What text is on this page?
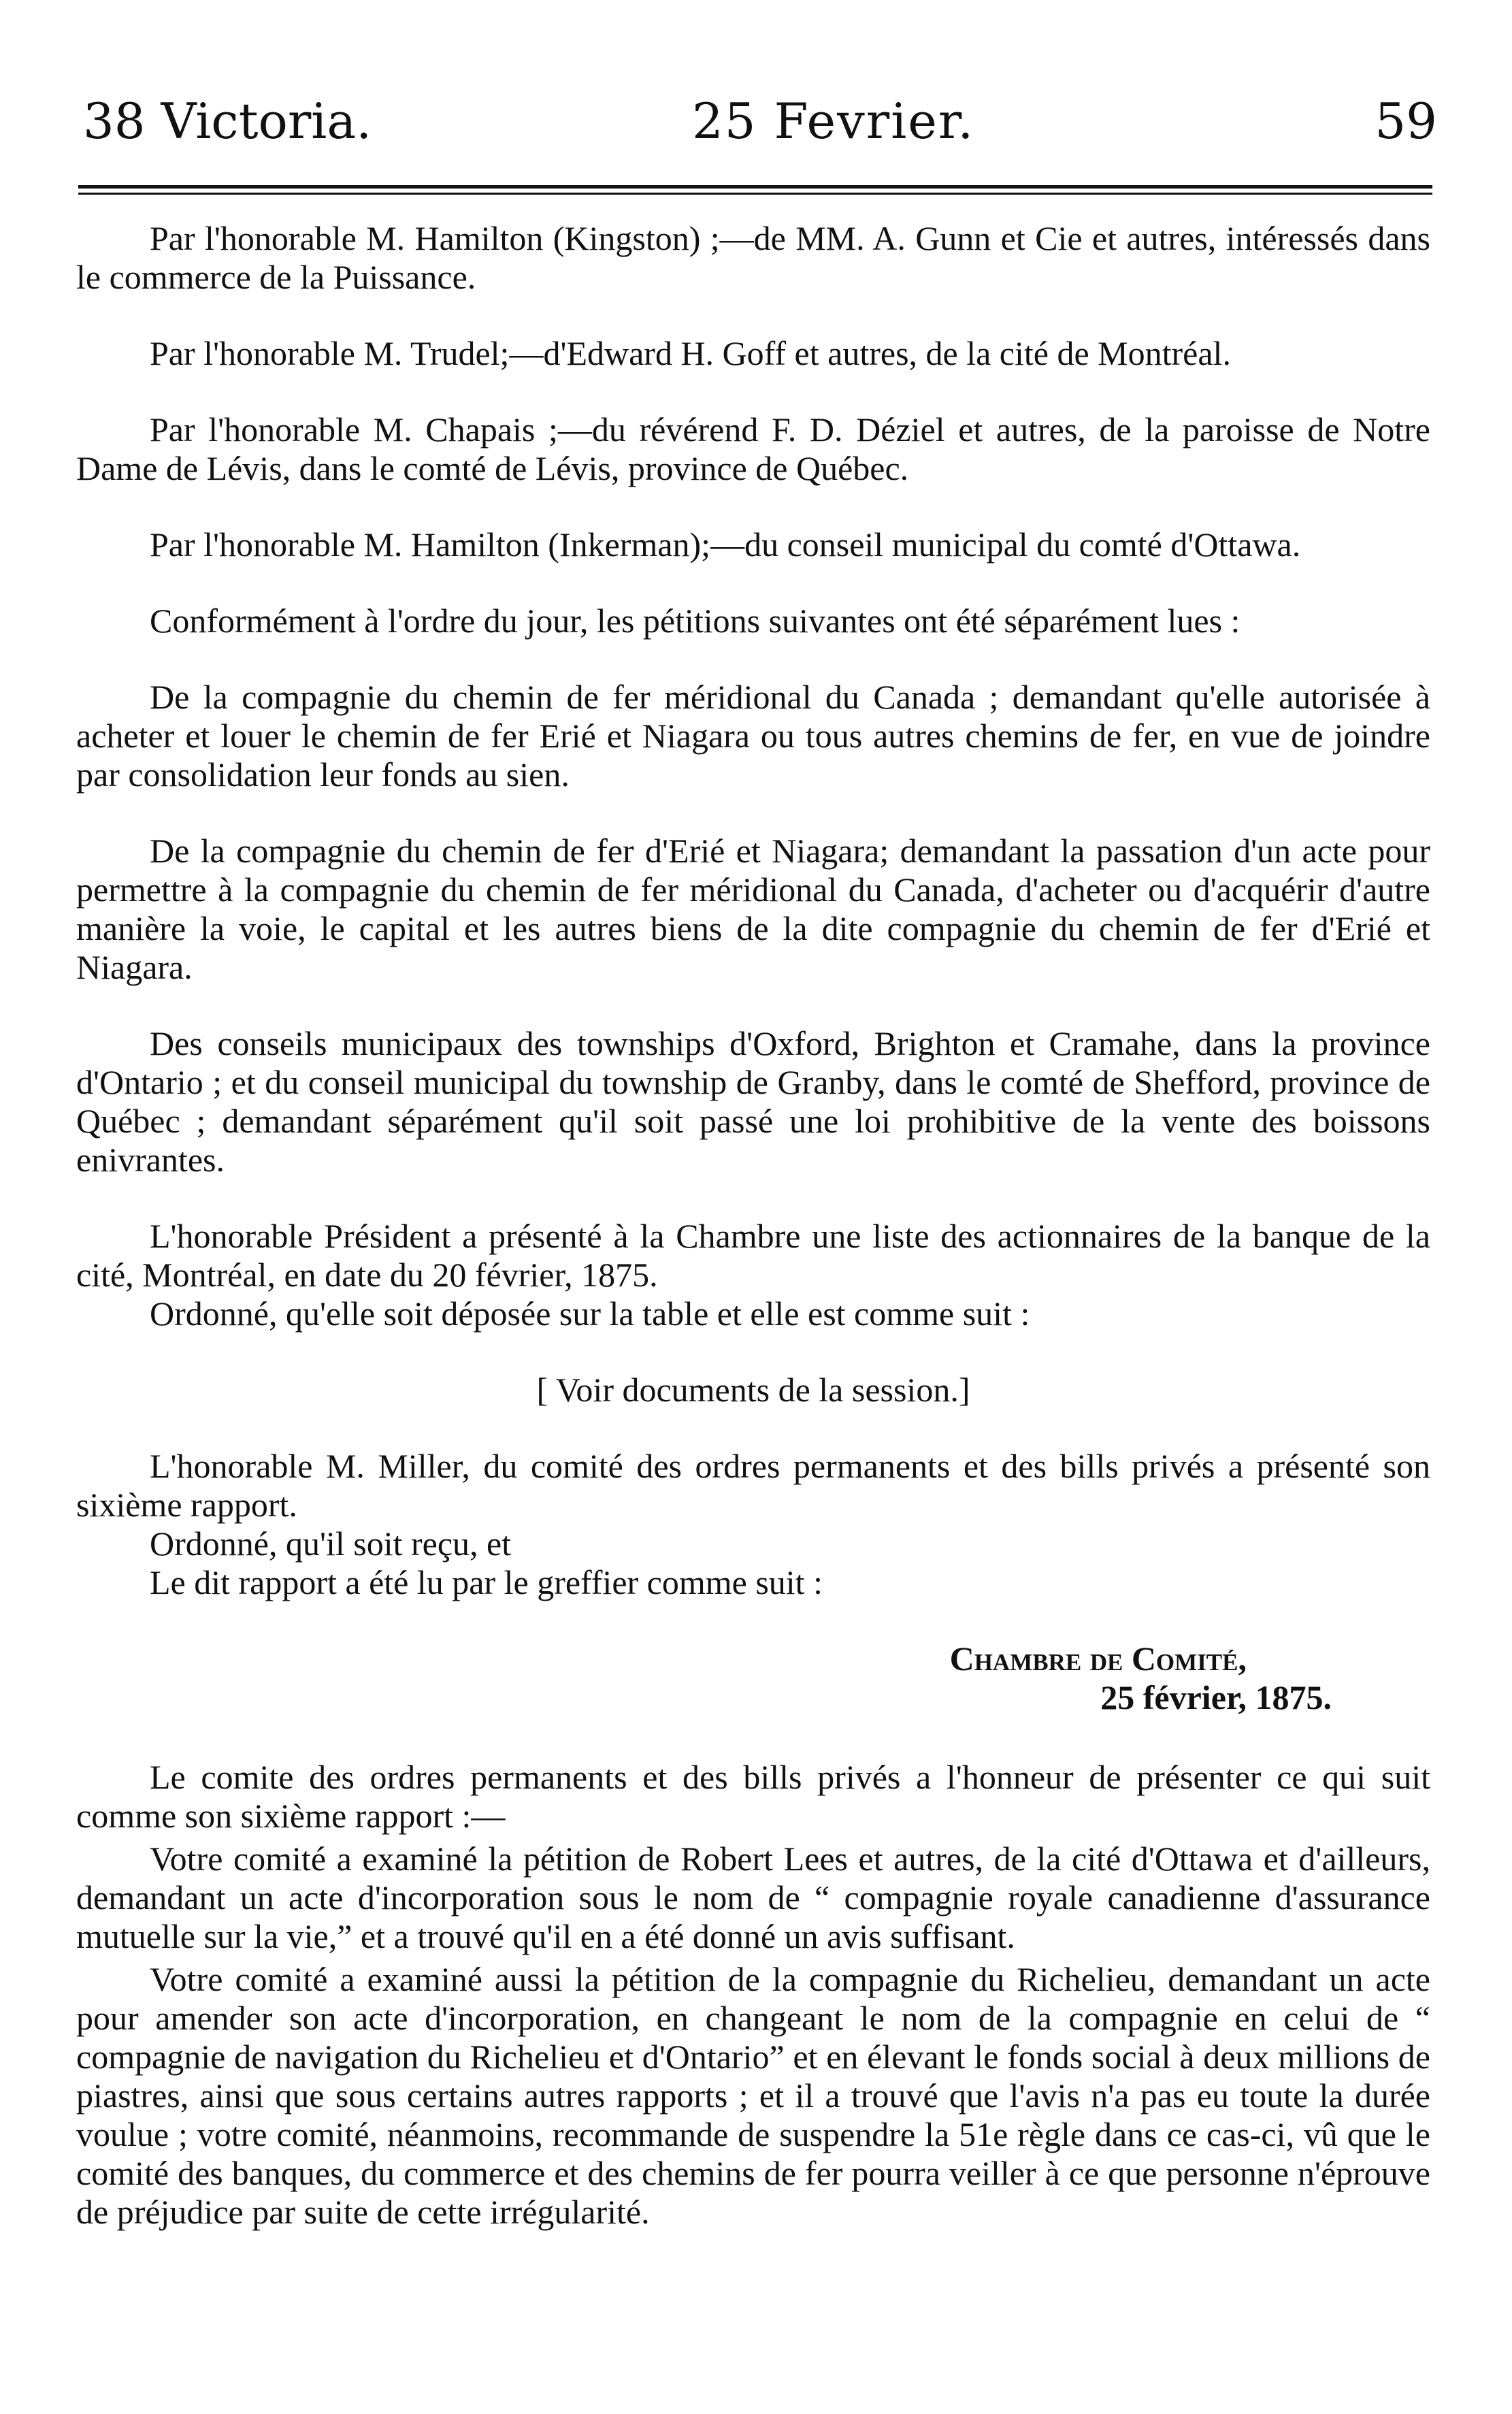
38 Victoria.	25 Fevrier.	59

Par l'honorable M. Hamilton (Kingston) ;—de MM. A. Gunn et Cie et autres, intéressés dans le commerce de la Puissance.

Par l'honorable M. Trudel;—d'Edward H. Goff et autres, de la cité de Montréal.

Par l'honorable M. Chapais ;—du révérend F. D. Déziel et autres, de la paroisse de Notre Dame de Lévis, dans le comté de Lévis, province de Québec.

Par l'honorable M. Hamilton (Inkerman);—du conseil municipal du comté d'Ottawa.

Conformément à l'ordre du jour, les pétitions suivantes ont été séparément lues :

De la compagnie du chemin de fer méridional du Canada ; demandant qu'elle autorisée à acheter et louer le chemin de fer Erié et Niagara ou tous autres chemins de fer, en vue de joindre par consolidation leur fonds au sien.

De la compagnie du chemin de fer d'Erié et Niagara; demandant la passation d'un acte pour permettre à la compagnie du chemin de fer méridional du Canada, d'acheter ou d'acquérir d'autre manière la voie, le capital et les autres biens de la dite compagnie du chemin de fer d'Erié et Niagara.

Des conseils municipaux des townships d'Oxford, Brighton et Cramahe, dans la province d'Ontario ; et du conseil municipal du township de Granby, dans le comté de Shefford, province de Québec ; demandant séparément qu'il soit passé une loi prohibitive de la vente des boissons enivrantes.

L'honorable Président a présenté à la Chambre une liste des actionnaires de la banque de la cité, Montréal, en date du 20 février, 1875.

Ordonné, qu'elle soit déposée sur la table et elle est comme suit :

[ Voir documents de la session.]

L'honorable M. Miller, du comité des ordres permanents et des bills privés a présenté son sixième rapport.

Ordonné, qu'il soit reçu, et

Le dit rapport a été lu par le greffier comme suit :

Chambre de Comité,
25 février, 1875.

Le comite des ordres permanents et des bills privés a l'honneur de présenter ce qui suit comme son sixième rapport :—

Votre comité a examiné la pétition de Robert Lees et autres, de la cité d'Ottawa et d'ailleurs, demandant un acte d'incorporation sous le nom de “ compagnie royale canadienne d'assurance mutuelle sur la vie,” et a trouvé qu'il en a été donné un avis suffisant.

Votre comité a examiné aussi la pétition de la compagnie du Richelieu, demandant un acte pour amender son acte d'incorporation, en changeant le nom de la compagnie en celui de “ compagnie de navigation du Richelieu et d'Ontario” et en élevant le fonds social à deux millions de piastres, ainsi que sous certains autres rapports ; et il a trouvé que l'avis n'a pas eu toute la durée voulue ; votre comité, néanmoins, recommande de suspendre la 51e règle dans ce cas-ci, vû que le comité des banques, du commerce et des chemins de fer pourra veiller à ce que personne n'éprouve de préjudice par suite de cette irrégularité.
